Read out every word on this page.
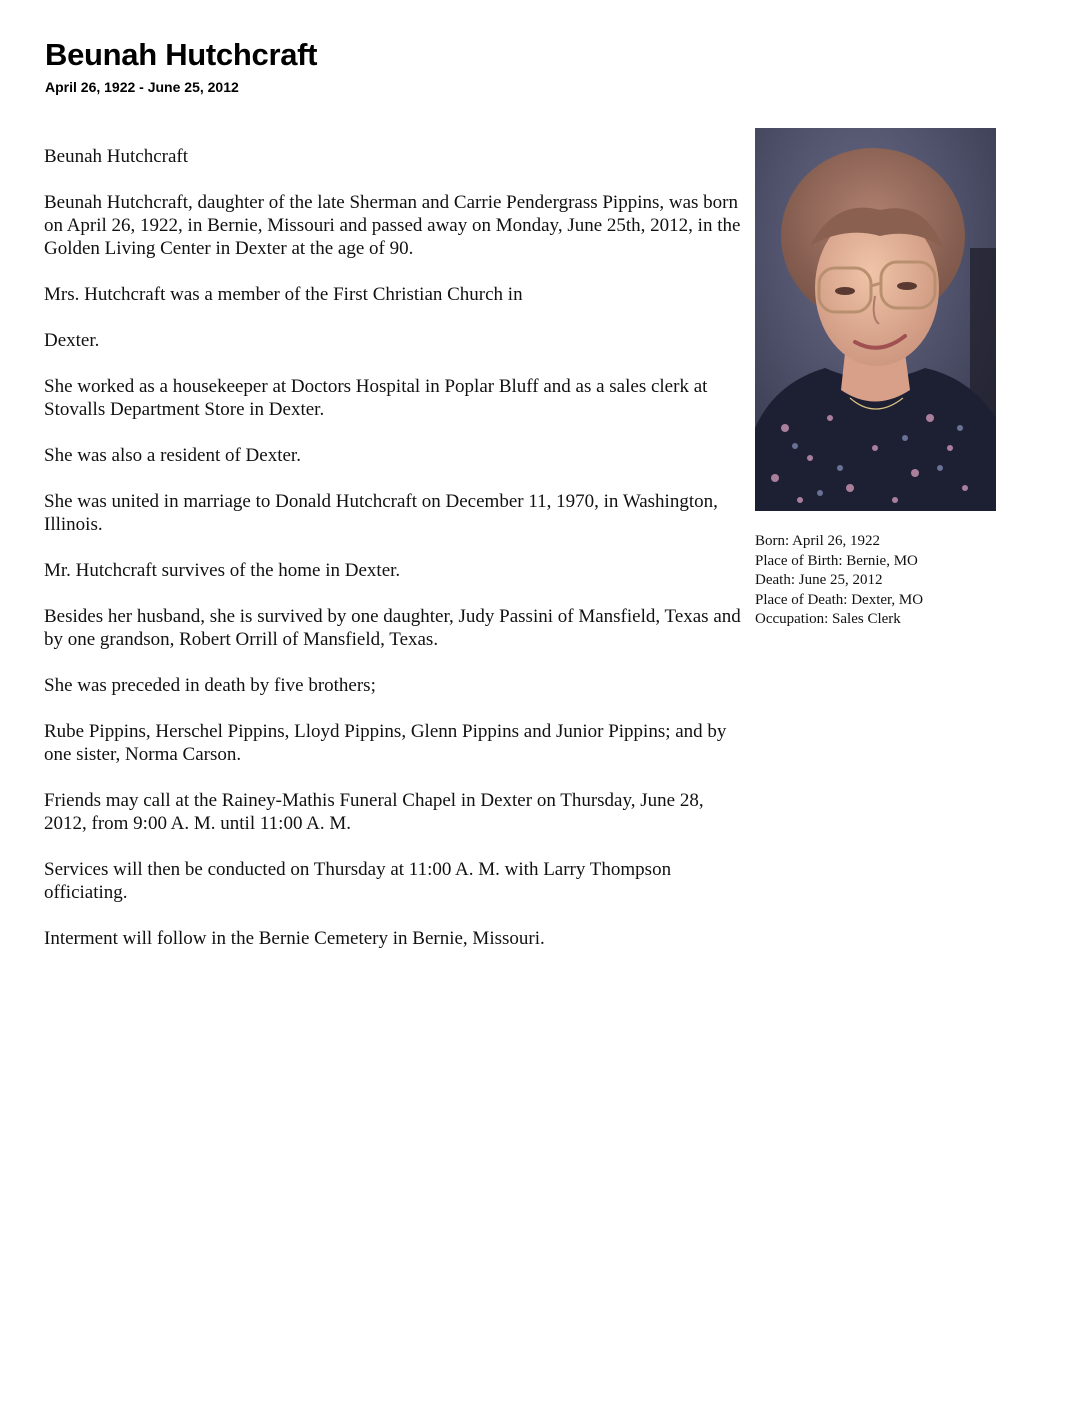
Beunah Hutchcraft
April 26, 1922 - June 25, 2012

Beunah Hutchcraft

Beunah Hutchcraft, daughter of the late Sherman and Carrie Pendergrass Pippins, was born on April 26, 1922, in Bernie, Missouri and passed away on Monday, June 25th, 2012, in the Golden Living Center in Dexter at the age of 90.

Mrs. Hutchcraft was a member of the First Christian Church in

Dexter.

She worked as a housekeeper at Doctors Hospital in Poplar Bluff and as a sales clerk at Stovalls Department Store in Dexter.

She was also a resident of Dexter.

She was united in marriage to Donald Hutchcraft on December 11, 1970, in Washington, Illinois.

Mr. Hutchcraft survives of the home in Dexter.

Besides her husband, she is survived by one daughter, Judy Passini of Mansfield, Texas and by one grandson, Robert Orrill of Mansfield, Texas.

She was preceded in death by five brothers;

Rube Pippins, Herschel Pippins, Lloyd Pippins, Glenn Pippins and Junior Pippins; and by one sister, Norma Carson.

Friends may call at the Rainey-Mathis Funeral Chapel in Dexter on Thursday, June 28, 2012, from 9:00 A. M. until 11:00 A. M.

Services will then be conducted on Thursday at 11:00 A. M. with Larry Thompson officiating.

Interment will follow in the Bernie Cemetery in Bernie, Missouri.

Born: April 26, 1922
Place of Birth: Bernie, MO
Death: June 25, 2012
Place of Death: Dexter, MO
Occupation: Sales Clerk
